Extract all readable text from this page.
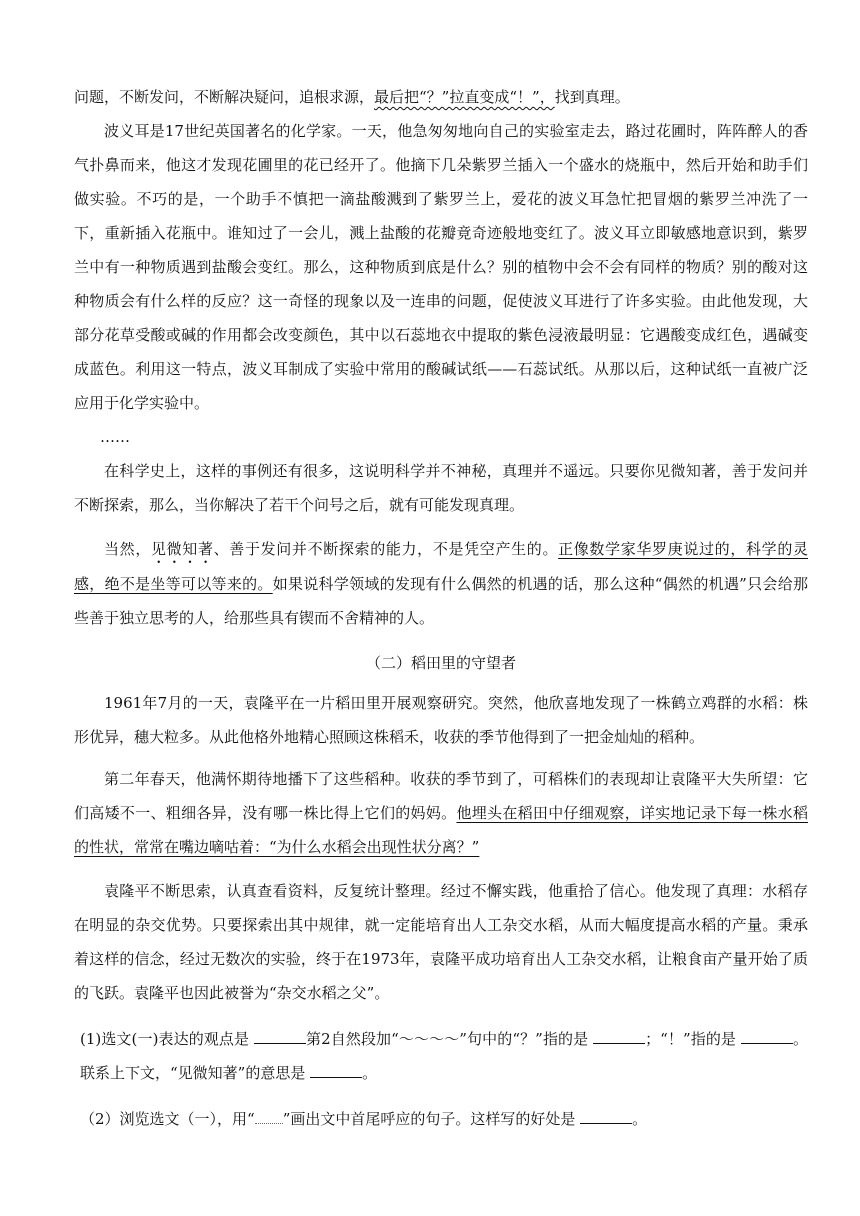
问题，不断发问，不断解决疑问，追根求源，最后把“？”拉直变成“！”，找到真理。

波义耳是17世纪英国著名的化学家。一天，他急匆匆地向自己的实验室走去，路过花圃时，阵阵醉人的香气扑鼻而来，他这才发现花圃里的花已经开了。他摘下几朵紫罗兰插入一个盛水的烧瓶中，然后开始和助手们做实验。不巧的是，一个助手不慎把一滴盐酸溅到了紫罗兰上，爱花的波义耳急忙把冒烟的紫罗兰冲洗了一下，重新插入花瓶中。谁知过了一会儿，溅上盐酸的花瓣竟奇迹般地变红了。波义耳立即敏感地意识到，紫罗兰中有一种物质遇到盐酸会变红。那么，这种物质到底是什么？别的植物中会不会有同样的物质？别的酸对这种物质会有什么样的反应？这一奇怪的现象以及一连串的问题，促使波义耳进行了许多实验。由此他发现，大部分花草受酸或碱的作用都会改变颜色，其中以石蕊地衣中提取的紫色浸液最明显：它遇酸变成红色，遇碱变成蓝色。利用这一特点，波义耳制成了实验中常用的酸碱试纸——石蕊试纸。从那以后，这种试纸一直被广泛应用于化学实验中。

……

在科学史上，这样的事例还有很多，这说明科学并不神秘，真理并不遥远。只要你见微知著，善于发问并不断探索，那么，当你解决了若干个问号之后，就有可能发现真理。

当然，见微知著、善于发问并不断探索的能力，不是凭空产生的。正像数学家华罗庚说过的，科学的灵感，绝不是坐等可以等来的。如果说科学领域的发现有什么偶然的机遇的话，那么这种“偶然的机遇”只会给那些善于独立思考的人，给那些具有锲而不舍精神的人。

（二）稻田里的守望者

1961年7月的一天，袁隆平在一片稻田里开展观察研究。突然，他欣喜地发现了一株鹤立鸡群的水稻：株形优异，穗大粒多。从此他格外地精心照顾这株稻禾，收获的季节他得到了一把金灿灿的稻种。

第二年春天，他满怀期待地播下了这些稻种。收获的季节到了，可稻株们的表现却让袁隆平大失所望：它们高矮不一、粗细各异，没有哪一株比得上它们的妈妈。他埋头在稻田中仔细观察，详实地记录下每一株水稻的性状，常常在嘴边嘀咕着：“为什么水稻会出现性状分离？”

袁隆平不断思索，认真查看资料，反复统计整理。经过不懈实践，他重拾了信心。他发现了真理：水稻存在明显的杂交优势。只要探索出其中规律，就一定能培育出人工杂交水稻，从而大幅度提高水稻的产量。秉承着这样的信念，经过无数次的实验，终于在1973年，袁隆平成功培育出人工杂交水稻，让粮食亩产量开始了质的飞跃。袁隆平也因此被誉为“杂交水稻之父”。

(1)选文(一)表达的观点是	第2自然段加“～～～～”句中的“？”指的是	；“！”指的是	。联系上下文，“见微知著”的意思是	。

（2）浏览选文（一），用“ ”画出文中首尾呼应的句子。这样写的好处是	。
